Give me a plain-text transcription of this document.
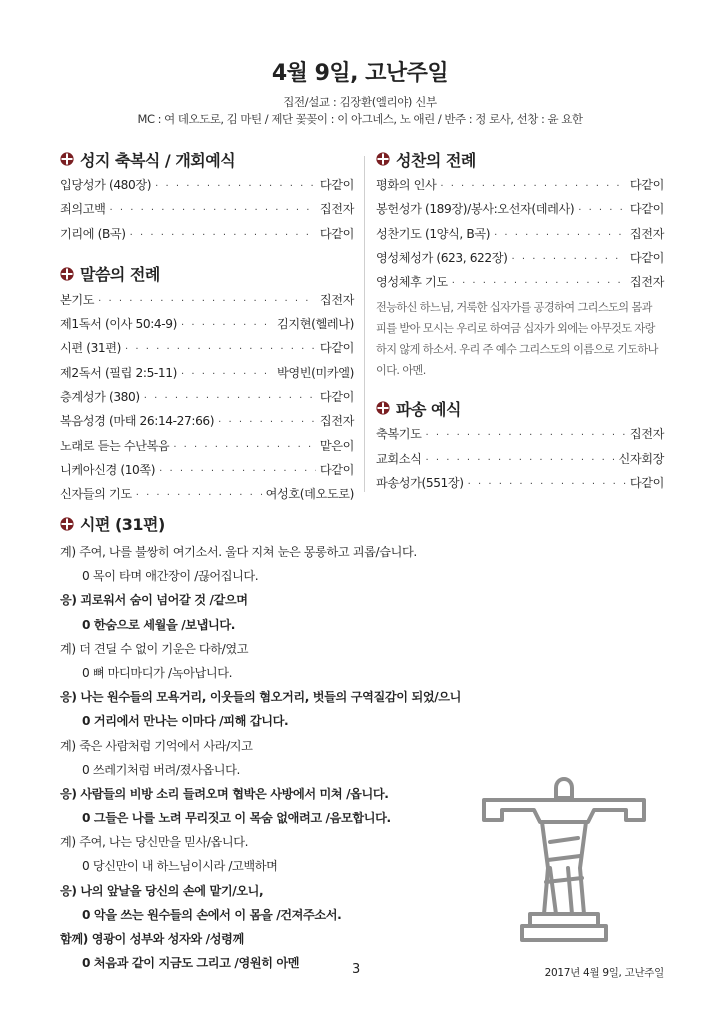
4월 9일, 고난주일
집전/설교 : 김장환(엘리야) 신부
MC : 여 데오도로, 김 마틴 / 제단 꽃꽂이 : 이 아그네스, 노 애린 / 반주 : 정 로사, 선창 : 윤 요한
성지 축복식 / 개회예식
입당성가 (480장) · · ·	다같이
죄의고백 · · ·	집전자
기리에 (B곡) · · ·	다같이
말씀의 전례
본기도 · · ·	집전자
제1독서 (이사 50:4-9) · · ·	김지현(헬레나)
시편 (31편) · · ·	다같이
제2독서 (필립 2:5-11) · · ·	박영빈(미카엘)
층계성가 (380) · · ·	다같이
복음성경 (마태 26:14-27:66) · · ·	집전자
노래로 듣는 수난복음 · · ·	맡은이
니케아신경 (10쪽) · · ·	다같이
신자들의 기도 · · ·	여성호(데오도로)
성찬의 전례
평화의 인사 · · ·	다같이
봉헌성가 (189장)/봉사:오선자(데레사) · · ·	다같이
성찬기도 (1양식, B곡) · · ·	집전자
영성체성가 (623, 622장) · · ·	다같이
영성체후 기도 · · ·	집전자
전능하신 하느님, 거룩한 십자가를 공경하여 그리스도의 몸과 피를 받아 모시는 우리로 하여금 십자가 외에는 아무것도 자랑하지 않게 하소서. 우리 주 예수 그리스도의 이름으로 기도하나이다. 아멘.
파송 예식
축복기도 · · ·	집전자
교회소식 · · ·	신자회장
파송성가(551장) · · ·	다같이
시편 (31편)
계) 주여, 나를 불쌍히 여기소서. 울다 지쳐 눈은 몽롱하고 괴롭/습니다.
0 목이 타며 애간장이 /끊어집니다.
응) 괴로워서 숨이 넘어갈 것 /같으며
0 한숨으로 세월을 /보냅니다.
계) 더 견딜 수 없이 기운은 다하/였고
0 뼈 마디마디가 /녹아납니다.
응) 나는 원수들의 모욕거리, 이웃들의 혐오거리, 벗들의 구역질감이 되었/으니
0 거리에서 만나는 이마다 /피해 갑니다.
계) 죽은 사람처럼 기억에서 사라/지고
0 쓰레기처럼 버려/졌사옵니다.
응) 사람들의 비방 소리 들려오며 협박은 사방에서 미쳐 /옵니다.
0 그들은 나를 노려 무리짓고 이 목숨 없애려고 /음모합니다.
계) 주여, 나는 당신만을 믿사/옵니다.
0 당신만이 내 하느님이시라 /고백하며
응) 나의 앞날을 당신의 손에 맡기/오니,
0 악을 쓰는 원수들의 손에서 이 몸을 /건져주소서.
함께) 영광이 성부와 성자와 /성령께
0 처음과 같이 지금도 그리고 /영원히 아멘	3	2017년 4월 9일, 고난주일
